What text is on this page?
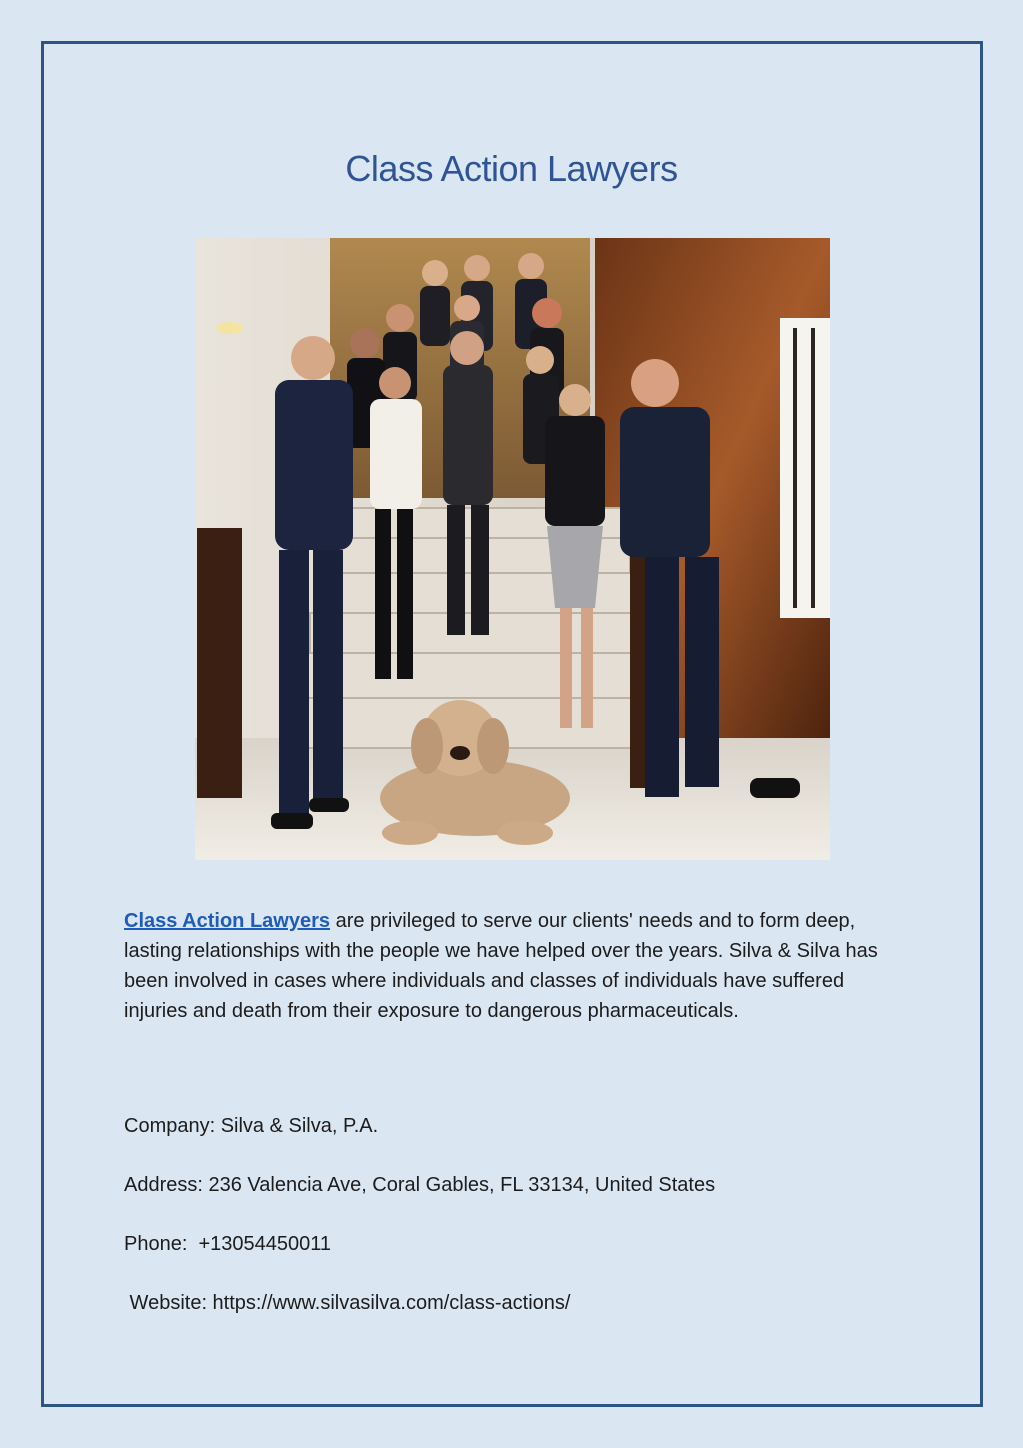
Class Action Lawyers
Class Action Lawyers are privileged to serve our clients' needs and to form deep, lasting relationships with the people we have helped over the years. Silva & Silva has been involved in cases where individuals and classes of individuals have suffered injuries and death from their exposure to dangerous pharmaceuticals.
Company: Silva & Silva, P.A.
Address: 236 Valencia Ave, Coral Gables, FL 33134, United States
Phone:  +13054450011
Website: https://www.silvasilva.com/class-actions/
